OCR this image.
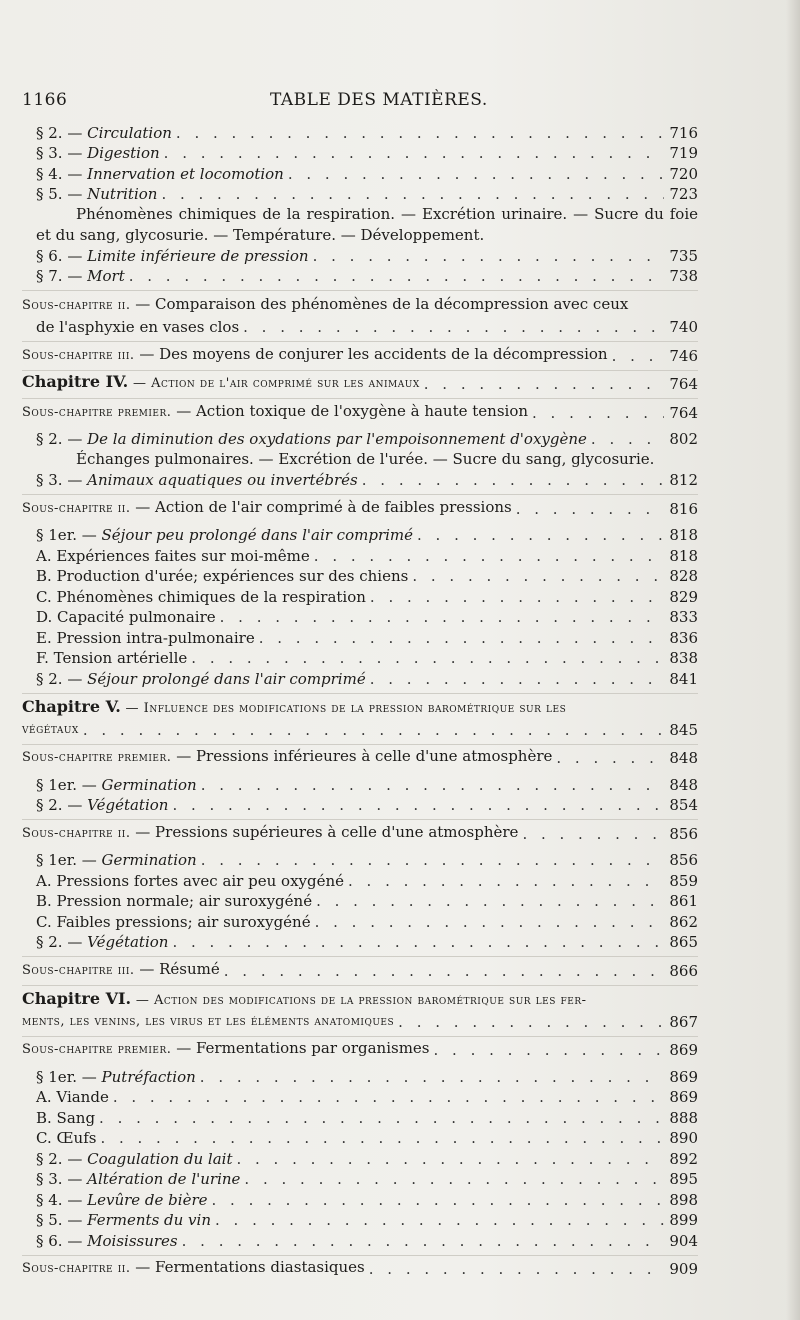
1166	TABLE DES MATIÈRES.
§ 2. — Circulation . . .	716
§ 3. — Digestion . . .	719
§ 4. — Innervation et locomotion . . .	720
§ 5. — Nutrition . . .	723
Phénomènes chimiques de la respiration. — Excrétion urinaire. — Sucre du foie et du sang, glycosurie. — Température. — Développement.
§ 6. — Limite inférieure de pression . . .	735
§ 7. — Mort . . .	738
Sous-chapitre ii. — Comparaison des phénomènes de la décompression avec ceux
de l'asphyxie en vases clos . . .	740
Sous-chapitre iii. — Des moyens de conjurer les accidents de la décompression . . .	746
Chapitre IV. — Action de l'air comprimé sur les animaux . . .	764
Sous-chapitre premier. — Action toxique de l'oxygène à haute tension . . .	764
§ 2. — De la diminution des oxydations par l'empoisonnement d'oxygène . . .	802
Échanges pulmonaires. — Excrétion de l'urée. — Sucre du sang, glycosurie.
§ 3. — Animaux aquatiques ou invertébrés . . .	812
Sous-chapitre ii. — Action de l'air comprimé à de faibles pressions . . .	816
§ 1er. — Séjour peu prolongé dans l'air comprimé . . .	818
A. Expériences faites sur moi-même . . .	818
B. Production d'urée; expériences sur des chiens . . .	828
C. Phénomènes chimiques de la respiration . . .	829
D. Capacité pulmonaire . . .	833
E. Pression intra-pulmonaire . . .	836
F. Tension artérielle . . .	838
§ 2. — Séjour prolongé dans l'air comprimé . . .	841
Chapitre V. — Influence des modifications de la pression barométrique sur les
végétaux . . .	845
Sous-chapitre premier. — Pressions inférieures à celle d'une atmosphère . . .	848
§ 1er. — Germination . . .	848
§ 2. — Végétation . . .	854
Sous-chapitre ii. — Pressions supérieures à celle d'une atmosphère . . .	856
§ 1er. — Germination . . .	856
A. Pressions fortes avec air peu oxygéné . . .	859
B. Pression normale; air suroxygéné . . .	861
C. Faibles pressions; air suroxygéné . . .	862
§ 2. — Végétation . . .	865
Sous-chapitre iii. — Résumé . . .	866
Chapitre VI. — Action des modifications de la pression barométrique sur les fer-
ments, les venins, les virus et les éléments anatomiques . . .	867
Sous-chapitre premier. — Fermentations par organismes . . .	869
§ 1er. — Putréfaction . . .	869
A. Viande . . .	869
B. Sang . . .	888
C. Œufs . . .	890
§ 2. — Coagulation du lait . . .	892
§ 3. — Altération de l'urine . . .	895
§ 4. — Levûre de bière . . .	898
§ 5. — Ferments du vin . . .	899
§ 6. — Moisissures . . .	904
Sous-chapitre ii. — Fermentations diastasiques . . .	909
